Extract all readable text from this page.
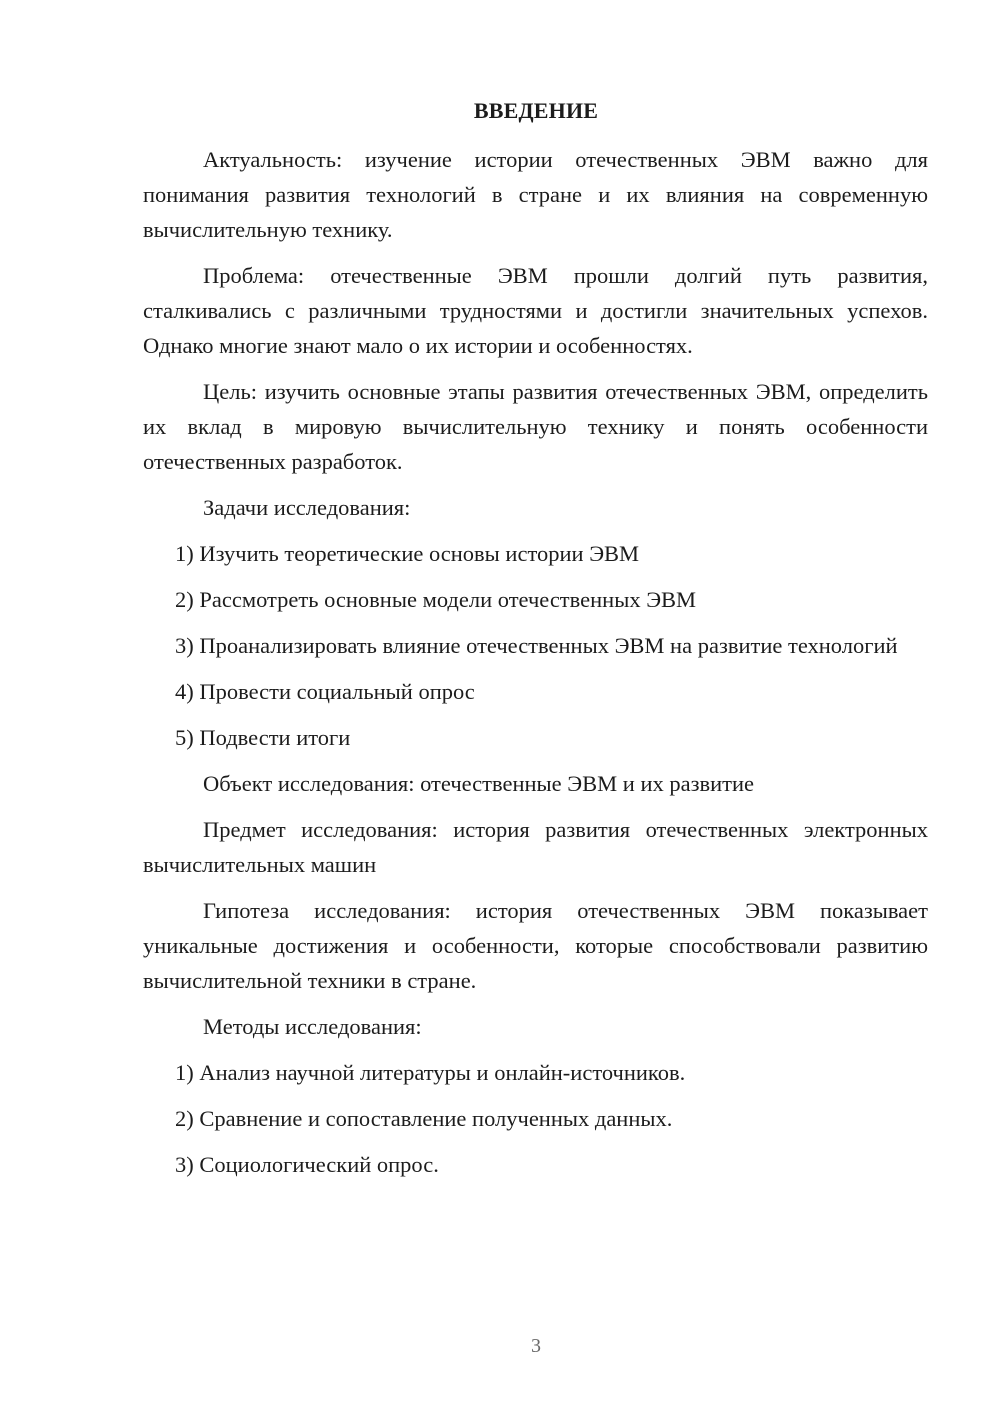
ВВЕДЕНИЕ

Актуальность: изучение истории отечественных ЭВМ важно для понимания развития технологий в стране и их влияния на современную вычислительную технику.

Проблема: отечественные ЭВМ прошли долгий путь развития, сталкивались с различными трудностями и достигли значительных успехов. Однако многие знают мало о их истории и особенностях.

Цель: изучить основные этапы развития отечественных ЭВМ, определить их вклад в мировую вычислительную технику и понять особенности отечественных разработок.

Задачи исследования:

1) Изучить теоретические основы истории ЭВМ

2) Рассмотреть основные модели отечественных ЭВМ

3) Проанализировать влияние отечественных ЭВМ на развитие технологий

4) Провести социальный опрос

5) Подвести итоги

Объект исследования: отечественные ЭВМ и их развитие

Предмет исследования: история развития отечественных электронных вычислительных машин

Гипотеза исследования: история отечественных ЭВМ показывает уникальные достижения и особенности, которые способствовали развитию вычислительной техники в стране.

Методы исследования:

1) Анализ научной литературы и онлайн-источников.

2) Сравнение и сопоставление полученных данных.

3) Социологический опрос.

3
